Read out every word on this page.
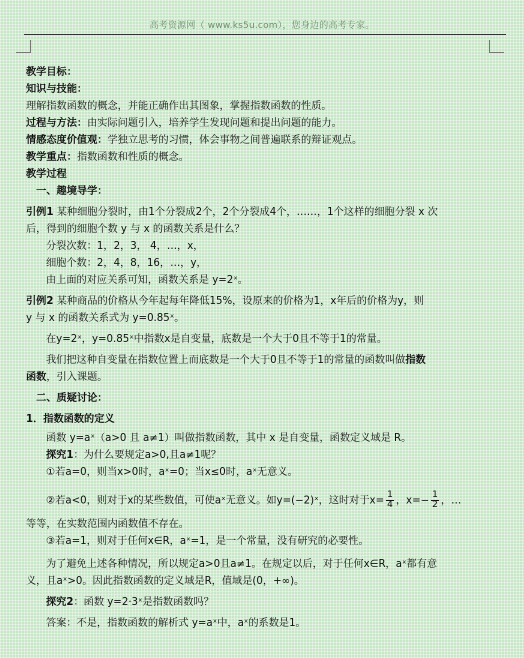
高考资源网（ www.ks5u.com），您身边的高考专家。
教学目标：
知识与技能：
理解指数函数的概念，并能正确作出其图象，掌握指数函数的性质。
过程与方法：由实际问题引入，培养学生发现问题和提出问题的能力。
情感态度价值观：学独立思考的习惯，体会事物之间普遍联系的辩证观点。
教学重点：指数函数和性质的概念。
教学过程
　一、趣境导学：
引例1 某种细胞分裂时，由1个分裂成2个，2个分裂成4个，……，1个这样的细胞分裂 x 次
后，得到的细胞个数 y 与 x 的函数关系是什么？
分裂次数：1，2，3， 4，…，x，
细胞个数：2，4，8，16，…，y，
由上面的对应关系可知，函数关系是 y=2ˣ。
引例2 某种商品的价格从今年起每年降低15%，设原来的价格为1，x年后的价格为y，则
y 与 x 的函数关系式为 y=0.85ˣ。
在y=2ˣ，y=0.85ˣ中指数x是自变量，底数是一个大于0且不等于1的常量。
我们把这种自变量在指数位置上而底数是一个大于0且不等于1的常量的函数叫做指数
函数，引入课题。
　二、质疑讨论：
1．指数函数的定义
函数 y=aˣ（a>0 且 a≠1）叫做指数函数，其中 x 是自变量，函数定义域是 R。
探究1：为什么要规定a>0,且a≠1呢？
①若a=0，则当x>0时，aˣ=0；当x≤0时，aˣ无意义。
②若a<0，则对于x的某些数值，可使aˣ无意义。如y=(−2)ˣ，这时对于$x= \frac{1}{4}$ ，$x=- \frac{1}{2}$ ，…
等等，在实数范围内函数值不存在。
③若a=1，则对于任何x∈R，aˣ=1，是一个常量，没有研究的必要性。
为了避免上述各种情况，所以规定a>0且a≠1。在规定以后，对于任何x∈R，aˣ都有意
义，且aˣ>0。因此指数函数的定义域是R，值域是(0，+∞)。
探究2：函数 y=2·3ˣ是指数函数吗？
答案：不是，指数函数的解析式 y=aˣ中，aˣ的系数是1。
